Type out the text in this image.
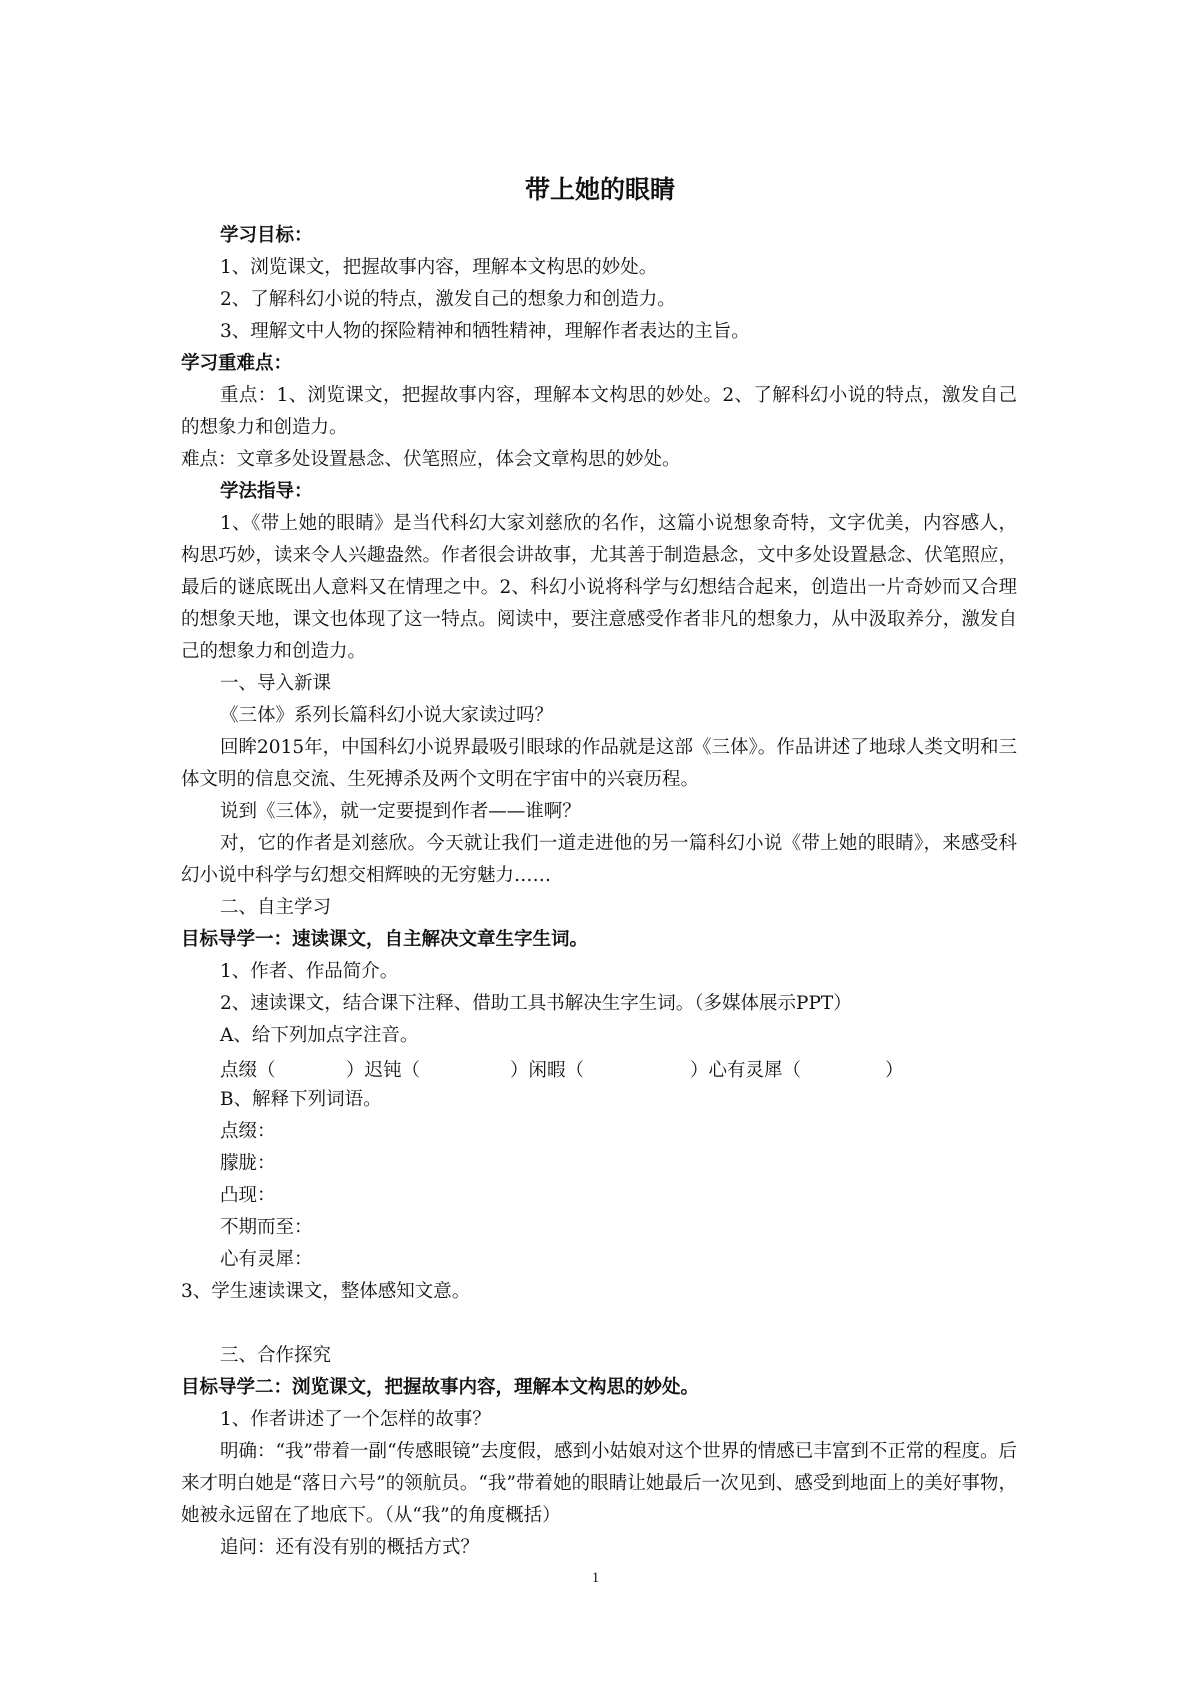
带上她的眼睛
学习目标：
1、浏览课文，把握故事内容，理解本文构思的妙处。
2、了解科幻小说的特点，激发自己的想象力和创造力。
3、理解文中人物的探险精神和牺牲精神，理解作者表达的主旨。
学习重难点：
重点：1、浏览课文，把握故事内容，理解本文构思的妙处。2、了解科幻小说的特点，激发自己的想象力和创造力。
难点：文章多处设置悬念、伏笔照应，体会文章构思的妙处。
学法指导：
1、《带上她的眼睛》是当代科幻大家刘慈欣的名作，这篇小说想象奇特，文字优美，内容感人，构思巧妙，读来令人兴趣盎然。作者很会讲故事，尤其善于制造悬念，文中多处设置悬念、伏笔照应，最后的谜底既出人意料又在情理之中。2、科幻小说将科学与幻想结合起来，创造出一片奇妙而又合理的想象天地，课文也体现了这一特点。阅读中，要注意感受作者非凡的想象力，从中汲取养分，激发自己的想象力和创造力。
一、导入新课
《三体》系列长篇科幻小说大家读过吗？
回眸2015年，中国科幻小说界最吸引眼球的作品就是这部《三体》。作品讲述了地球人类文明和三体文明的信息交流、生死搏杀及两个文明在宇宙中的兴衰历程。
说到《三体》，就一定要提到作者——谁啊？
对，它的作者是刘慈欣。今天就让我们一道走进他的另一篇科幻小说《带上她的眼睛》，来感受科幻小说中科学与幻想交相辉映的无穷魅力……
二、自主学习
目标导学一：速读课文，自主解决文章生字生词。
1、作者、作品简介。
2、速读课文，结合课下注释、借助工具书解决生字生词。（多媒体展示PPT）
A、给下列加点字注音。
点缀（	）迟钝（	）闲暇（	）心有灵犀（	）
B、解释下列词语。
点缀：
朦胧：
凸现：
不期而至：
心有灵犀：
3、学生速读课文，整体感知文意。
三、合作探究
目标导学二：浏览课文，把握故事内容，理解本文构思的妙处。
1、作者讲述了一个怎样的故事？
明确：“我”带着一副“传感眼镜”去度假，感到小姑娘对这个世界的情感已丰富到不正常的程度。后来才明白她是“落日六号”的领航员。“我”带着她的眼睛让她最后一次见到、感受到地面上的美好事物，她被永远留在了地底下。（从“我”的角度概括）
追问：还有没有别的概括方式？
1
